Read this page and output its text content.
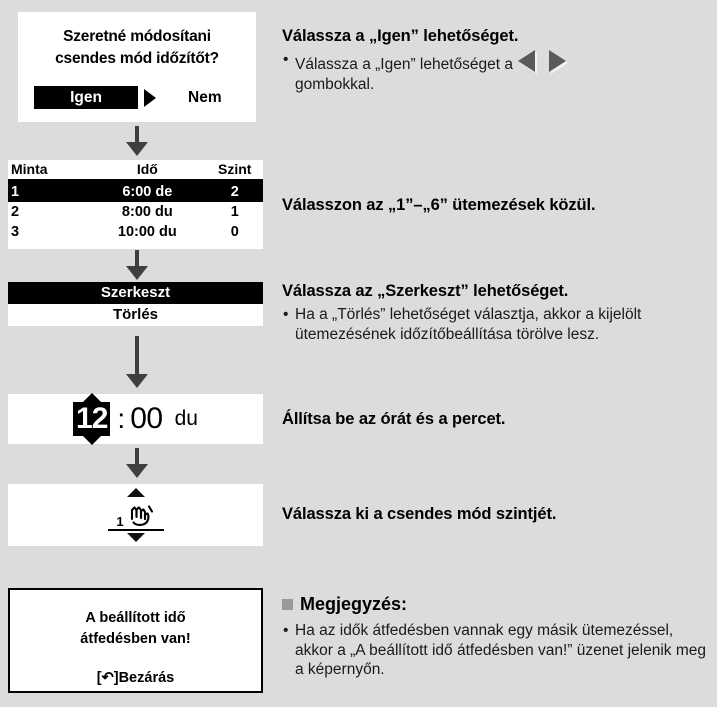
Szeretné módosítani
csendes mód időzítőt?
Igen	Nem
Minta	Idő	Szint
1	6:00 de	2
2	8:00 du	1
3	10:00 du	0
Szerkeszt
Törlés
12 : 00 du
1
A beállított idő
átfedésben van!
[↶]Bezárás
Válassza a „Igen” lehetőséget.
• Válassza a „Igen” lehetőséget a
gombokkal.
Válasszon az „1”–„6” ütemezések közül.
Válassza az „Szerkeszt” lehetőséget.
• Ha a „Törlés” lehetőséget választja, akkor a kijelölt ütemezésének időzítőbeállítása törölve lesz.
Állítsa be az órát és a percet.
Válassza ki a csendes mód szintjét.
Megjegyzés:
• Ha az idők átfedésben vannak egy másik ütemezéssel, akkor a „A beállított idő átfedésben van!” üzenet jelenik meg a képernyőn.
